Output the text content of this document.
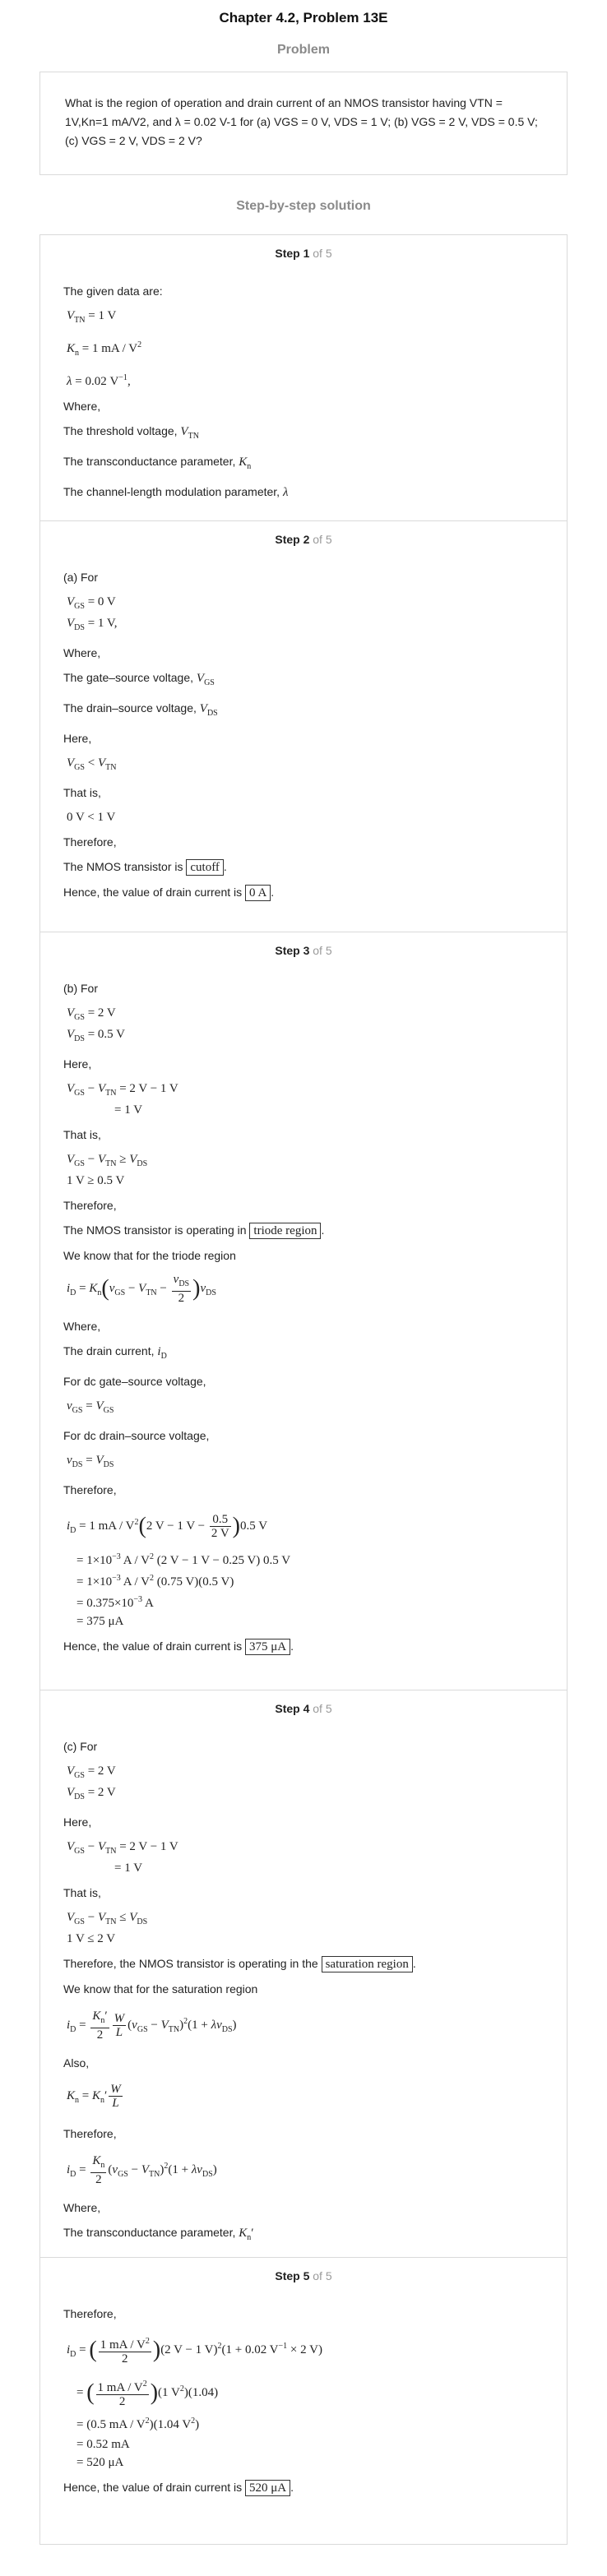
Chapter 4.2, Problem 13E
Problem
What is the region of operation and drain current of an NMOS transistor having VTN = 1V,Kn=1 mA/V2, and λ = 0.02 V-1 for (a) VGS = 0 V, VDS = 1 V; (b) VGS = 2 V, VDS = 0.5 V; (c) VGS = 2 V, VDS = 2 V?
Step-by-step solution
Step 1 of 5
The given data are:
$V_{TN} = 1$ V
$K_n = 1$ mA / $V^2$
λ = 0.02 $V^{-1}$,
Where,
The threshold voltage, $V_{TN}$
The transconductance parameter, $K_n$
The channel-length modulation parameter, λ
Step 2 of 5
(a) For
$V_{GS} = 0$ V
$V_{DS} = 1$ V,
Where,
The gate–source voltage, $V_{GS}$
The drain–source voltage, $V_{DS}$
Here,
$V_{GS} < V_{TN}$
That is,
0 V < 1 V
Therefore,
The NMOS transistor is cutoff .
Hence, the value of drain current is 0 A .
Step 3 of 5
(b) For
$V_{GS} = 2$ V
$V_{DS} = 0.5$ V
Here,
$V_{GS} - V_{TN} = 2$ V − 1 V
= 1 V
That is,
$V_{GS} - V_{TN} \ge V_{DS}$
1 V ≥ 0.5 V
Therefore,
The NMOS transistor is operating in triode region .
We know that for the triode region
$i_D = K_n(v_{GS} - V_{TN} - \frac{v_{DS}}{2} )v_{DS}$
Where,
The drain current, $i_D$
For dc gate–source voltage,
$v_{GS} = V_{GS}$
For dc drain–source voltage,
$v_{DS} = V_{DS}$
Therefore,
$i_D = 1$ mA / $V^2(2$ V − 1 $V - \frac{0.5}{2 V} )0.5$ V
= $1\times 10^{-3}$ A / $V^2$ (2 V − 1 V − 0.25 V) 0.5 V
= $1\times 10^{-3}$ A / $V^2$ (0.75 V)(0.5 V)
= $0.375\times 10^{-3}$ A
= 375 μA
Hence, the value of drain current is 375 μA .
Step 4 of 5
(c) For
$V_{GS} = 2$ V
$V_{DS} = 2$ V
Here,
$V_{GS} - V_{TN} = 2$ V − 1 V
= 1 V
That is,
$V_{GS} - V_{TN} \le V_{DS}$
1 V ≤ 2 V
Therefore, the NMOS transistor is operating in the saturation region .
We know that for the saturation region
$i_D = \frac{K_n'}{2} \frac{W}{L} (v_{GS} - V_{TN})^2(1 + \lambda v_{DS})$
Also,
$K_n = K_n' \frac{W}{L}$
Therefore,
$i_D = \frac{K_n}{2} (v_{GS} - V_{TN})^2(1 + \lambda v_{DS})$
Where,
The transconductance parameter, $K_n'$
Step 5 of 5
Therefore,
$i_D$ = ( $\frac{1 mA / V^2}{2} )(2$ V − 1 V)$^2$(1 + 0.02 $V^{-1} \times 2$ V)
= ( $\frac{1 mA / V^2}{2} )(1$ $V^2)(1.04)$
= (0.5 mA / $V^2)(1.04$ $V^2$)
= 0.52 mA
= 520 μA
Hence, the value of drain current is 520 μA .
